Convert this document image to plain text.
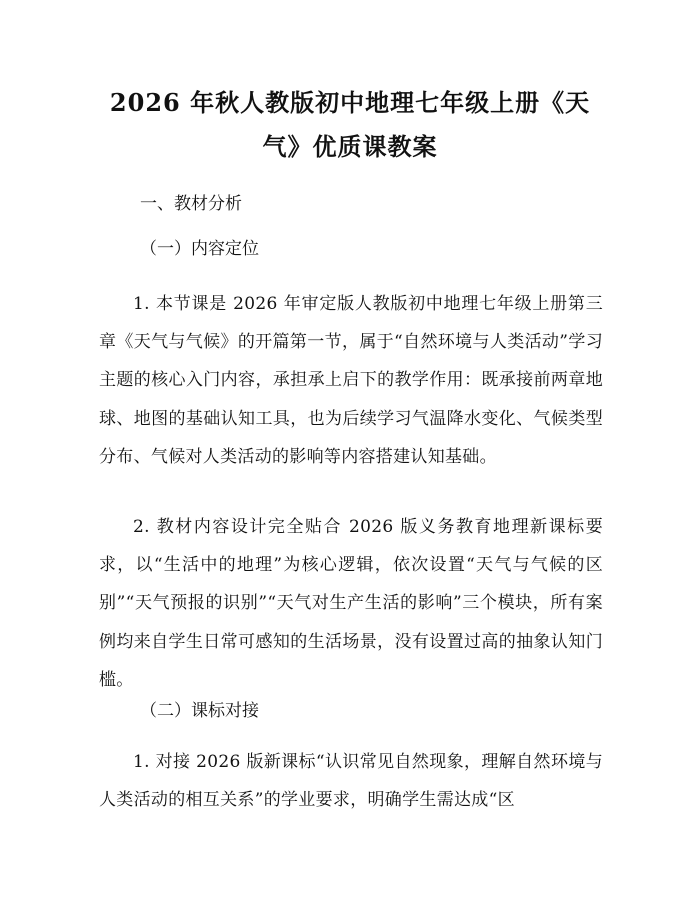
2026 年秋人教版初中地理七年级上册《天
气》优质课教案
一、教材分析
（一）内容定位
1. 本节课是 2026 年审定版人教版初中地理七年级上册第三章《天气与气候》的开篇第一节，属于“自然环境与人类活动”学习主题的核心入门内容，承担承上启下的教学作用：既承接前两章地球、地图的基础认知工具，也为后续学习气温降水变化、气候类型分布、气候对人类活动的影响等内容搭建认知基础。
2. 教材内容设计完全贴合 2026 版义务教育地理新课标要求，以“生活中的地理”为核心逻辑，依次设置“天气与气候的区别”“天气预报的识别”“天气对生产生活的影响”三个模块，所有案例均来自学生日常可感知的生活场景，没有设置过高的抽象认知门槛。
（二）课标对接
1. 对接 2026 版新课标“认识常见自然现象，理解自然环境与人类活动的相互关系”的学业要求，明确学生需达成“区
